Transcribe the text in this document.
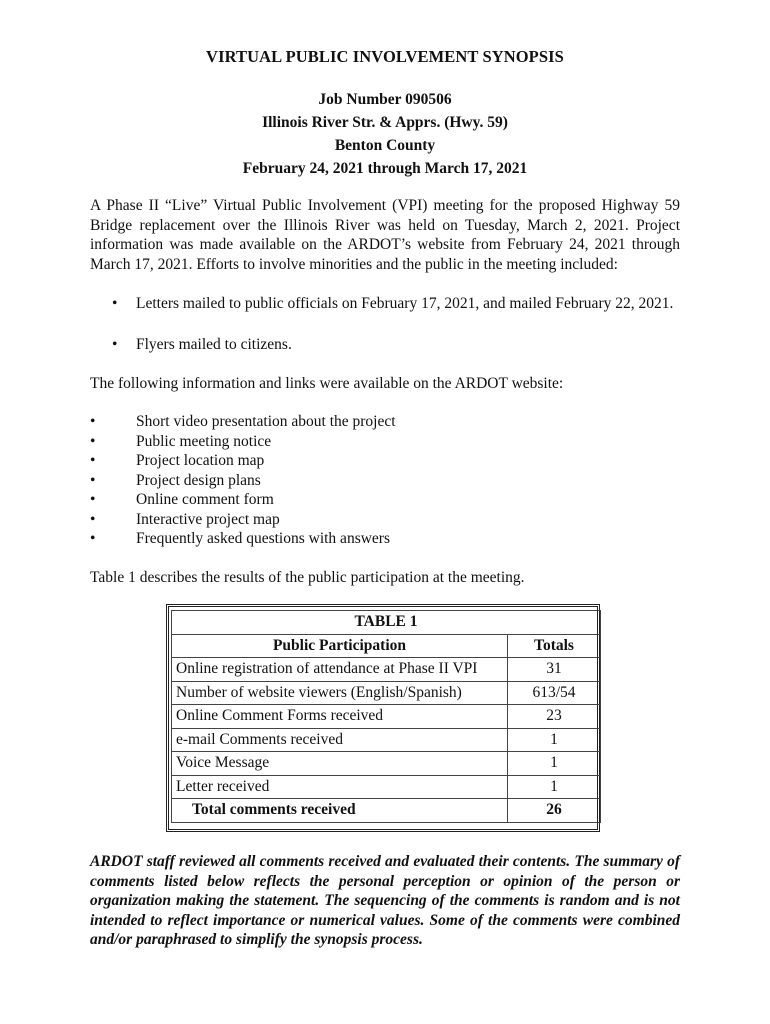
VIRTUAL PUBLIC INVOLVEMENT SYNOPSIS
Job Number 090506
Illinois River Str. & Apprs. (Hwy. 59)
Benton County
February 24, 2021 through March 17, 2021
A Phase II “Live” Virtual Public Involvement (VPI) meeting for the proposed Highway 59 Bridge replacement over the Illinois River was held on Tuesday, March 2, 2021. Project information was made available on the ARDOT’s website from February 24, 2021 through March 17, 2021. Efforts to involve minorities and the public in the meeting included:
• Letters mailed to public officials on February 17, 2021, and mailed February 22, 2021.
• Flyers mailed to citizens.
The following information and links were available on the ARDOT website:
•	Short video presentation about the project
•	Public meeting notice
•	Project location map
•	Project design plans
•	Online comment form
•	Interactive project map
•	Frequently asked questions with answers
Table 1 describes the results of the public participation at the meeting.
TABLE 1	
Public Participation	Totals
Online registration of attendance at Phase II VPI	31
Number of website viewers (English/Spanish)	613/54
Online Comment Forms received	23
e-mail Comments received	1
Voice Message	1
Letter received	1
Total comments received	26
ARDOT staff reviewed all comments received and evaluated their contents. The summary of comments listed below reflects the personal perception or opinion of the person or organization making the statement. The sequencing of the comments is random and is not intended to reflect importance or numerical values. Some of the comments were combined and/or paraphrased to simplify the synopsis process.
